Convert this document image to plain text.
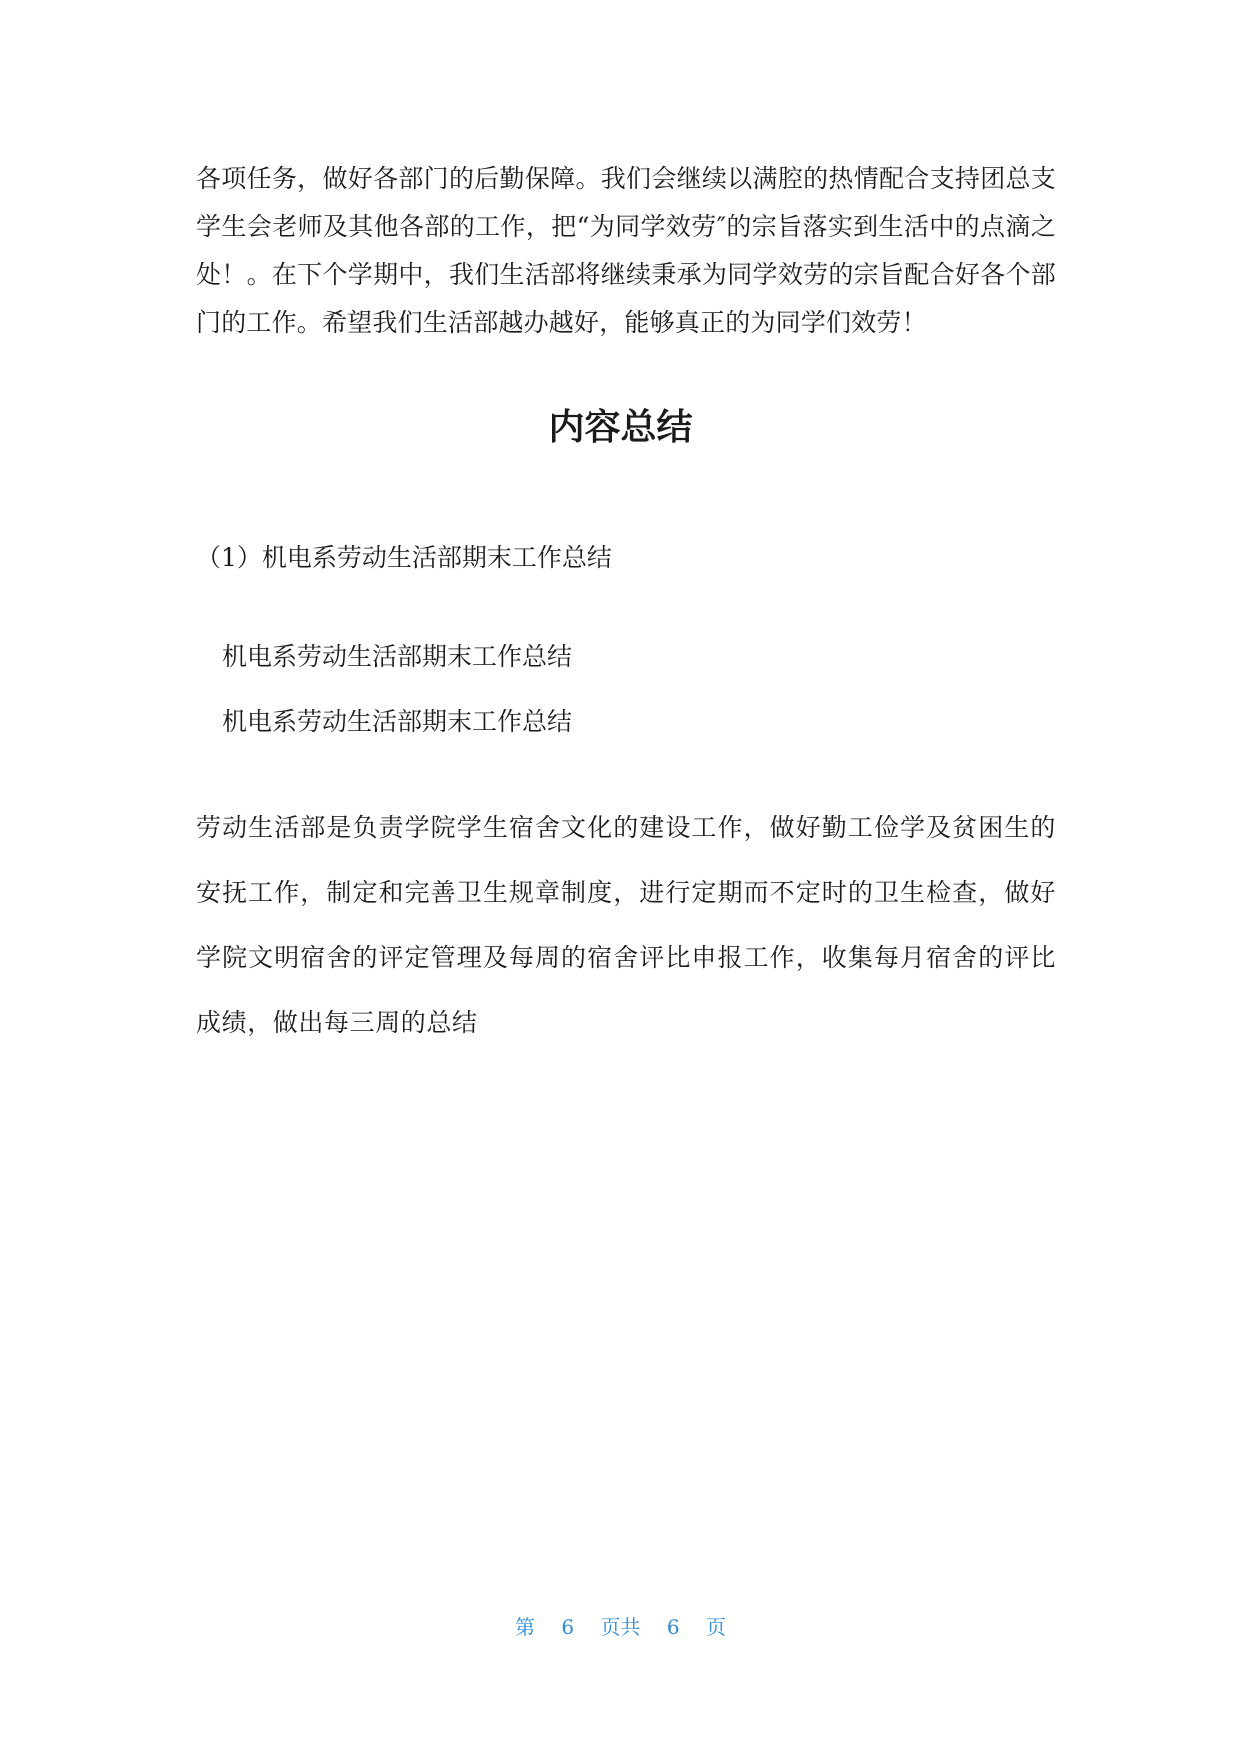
各项任务，做好各部门的后勤保障。我们会继续以满腔的热情配合支持团总支学生会老师及其他各部的工作，把“为同学效劳″的宗旨落实到生活中的点滴之处！。在下个学期中，我们生活部将继续秉承为同学效劳的宗旨配合好各个部门的工作。希望我们生活部越办越好，能够真正的为同学们效劳！

内容总结

（1）机电系劳动生活部期末工作总结

机电系劳动生活部期末工作总结

机电系劳动生活部期末工作总结

劳动生活部是负责学院学生宿舍文化的建设工作，做好勤工俭学及贫困生的安抚工作，制定和完善卫生规章制度，进行定期而不定时的卫生检查，做好学院文明宿舍的评定管理及每周的宿舍评比申报工作，收集每月宿舍的评比成绩，做出每三周的总结

第 6 页共 6 页
